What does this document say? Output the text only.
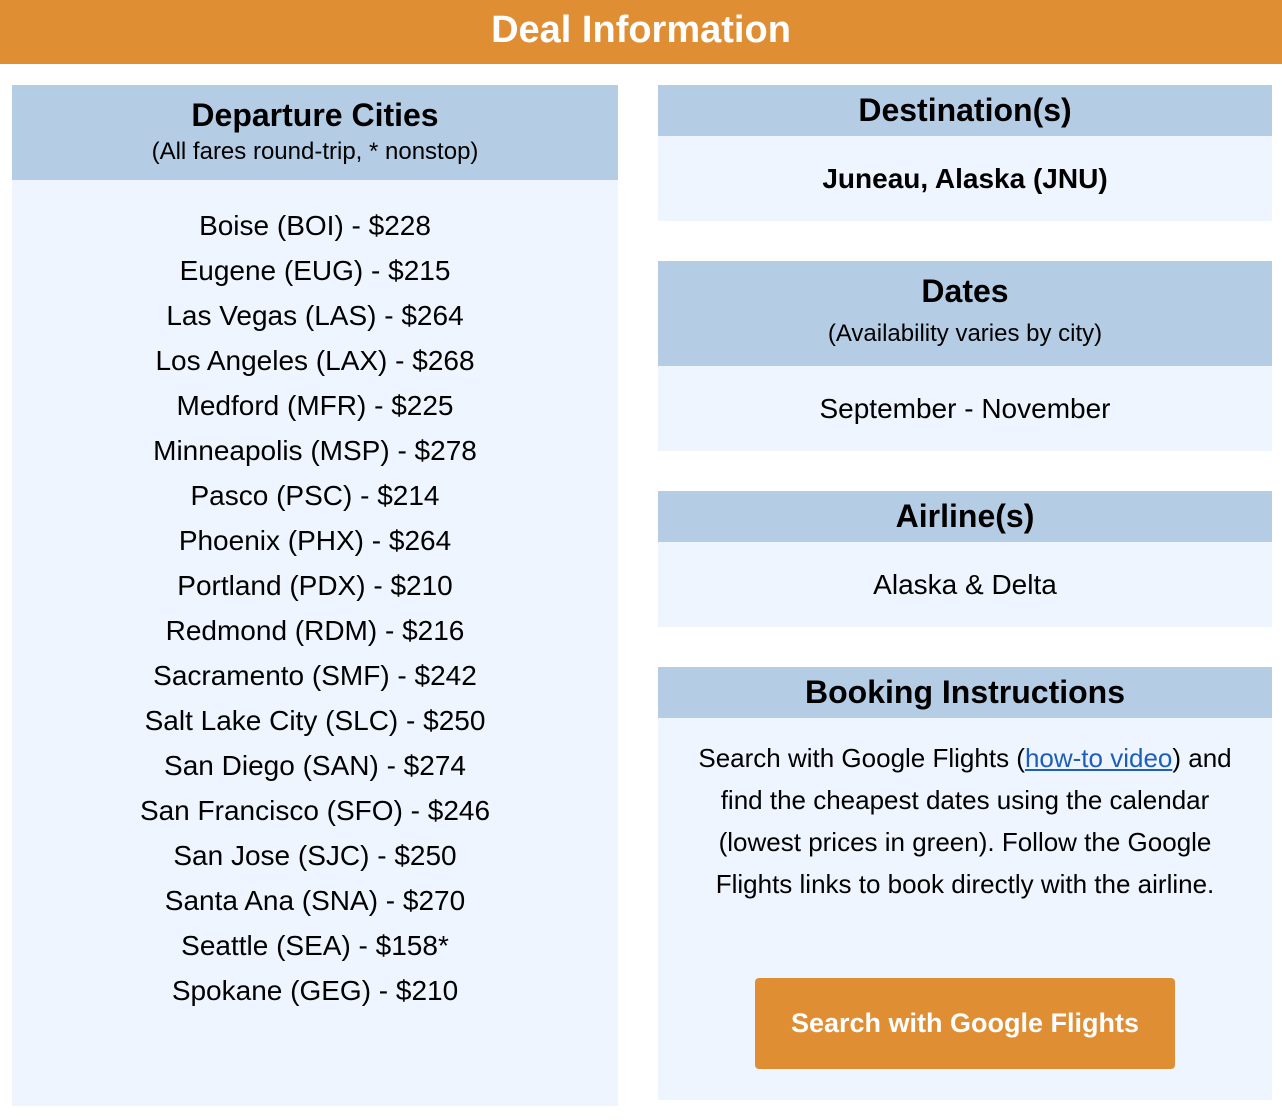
Deal Information
Departure Cities
(All fares round-trip, * nonstop)
Boise (BOI) - $228
Eugene (EUG) - $215
Las Vegas (LAS) - $264
Los Angeles (LAX) - $268
Medford (MFR) - $225
Minneapolis (MSP) - $278
Pasco (PSC) - $214
Phoenix (PHX) - $264
Portland (PDX) - $210
Redmond (RDM) - $216
Sacramento (SMF) - $242
Salt Lake City (SLC) - $250
San Diego (SAN) - $274
San Francisco (SFO) - $246
San Jose (SJC) - $250
Santa Ana (SNA) - $270
Seattle (SEA) - $158*
Spokane (GEG) - $210
Destination(s)
Juneau, Alaska (JNU)
Dates
(Availability varies by city)
September - November
Airline(s)
Alaska & Delta
Booking Instructions

Search with Google Flights (how-to video) and find the cheapest dates using the calendar (lowest prices in green). Follow the Google Flights links to book directly with the airline.

Search with Google Flights
